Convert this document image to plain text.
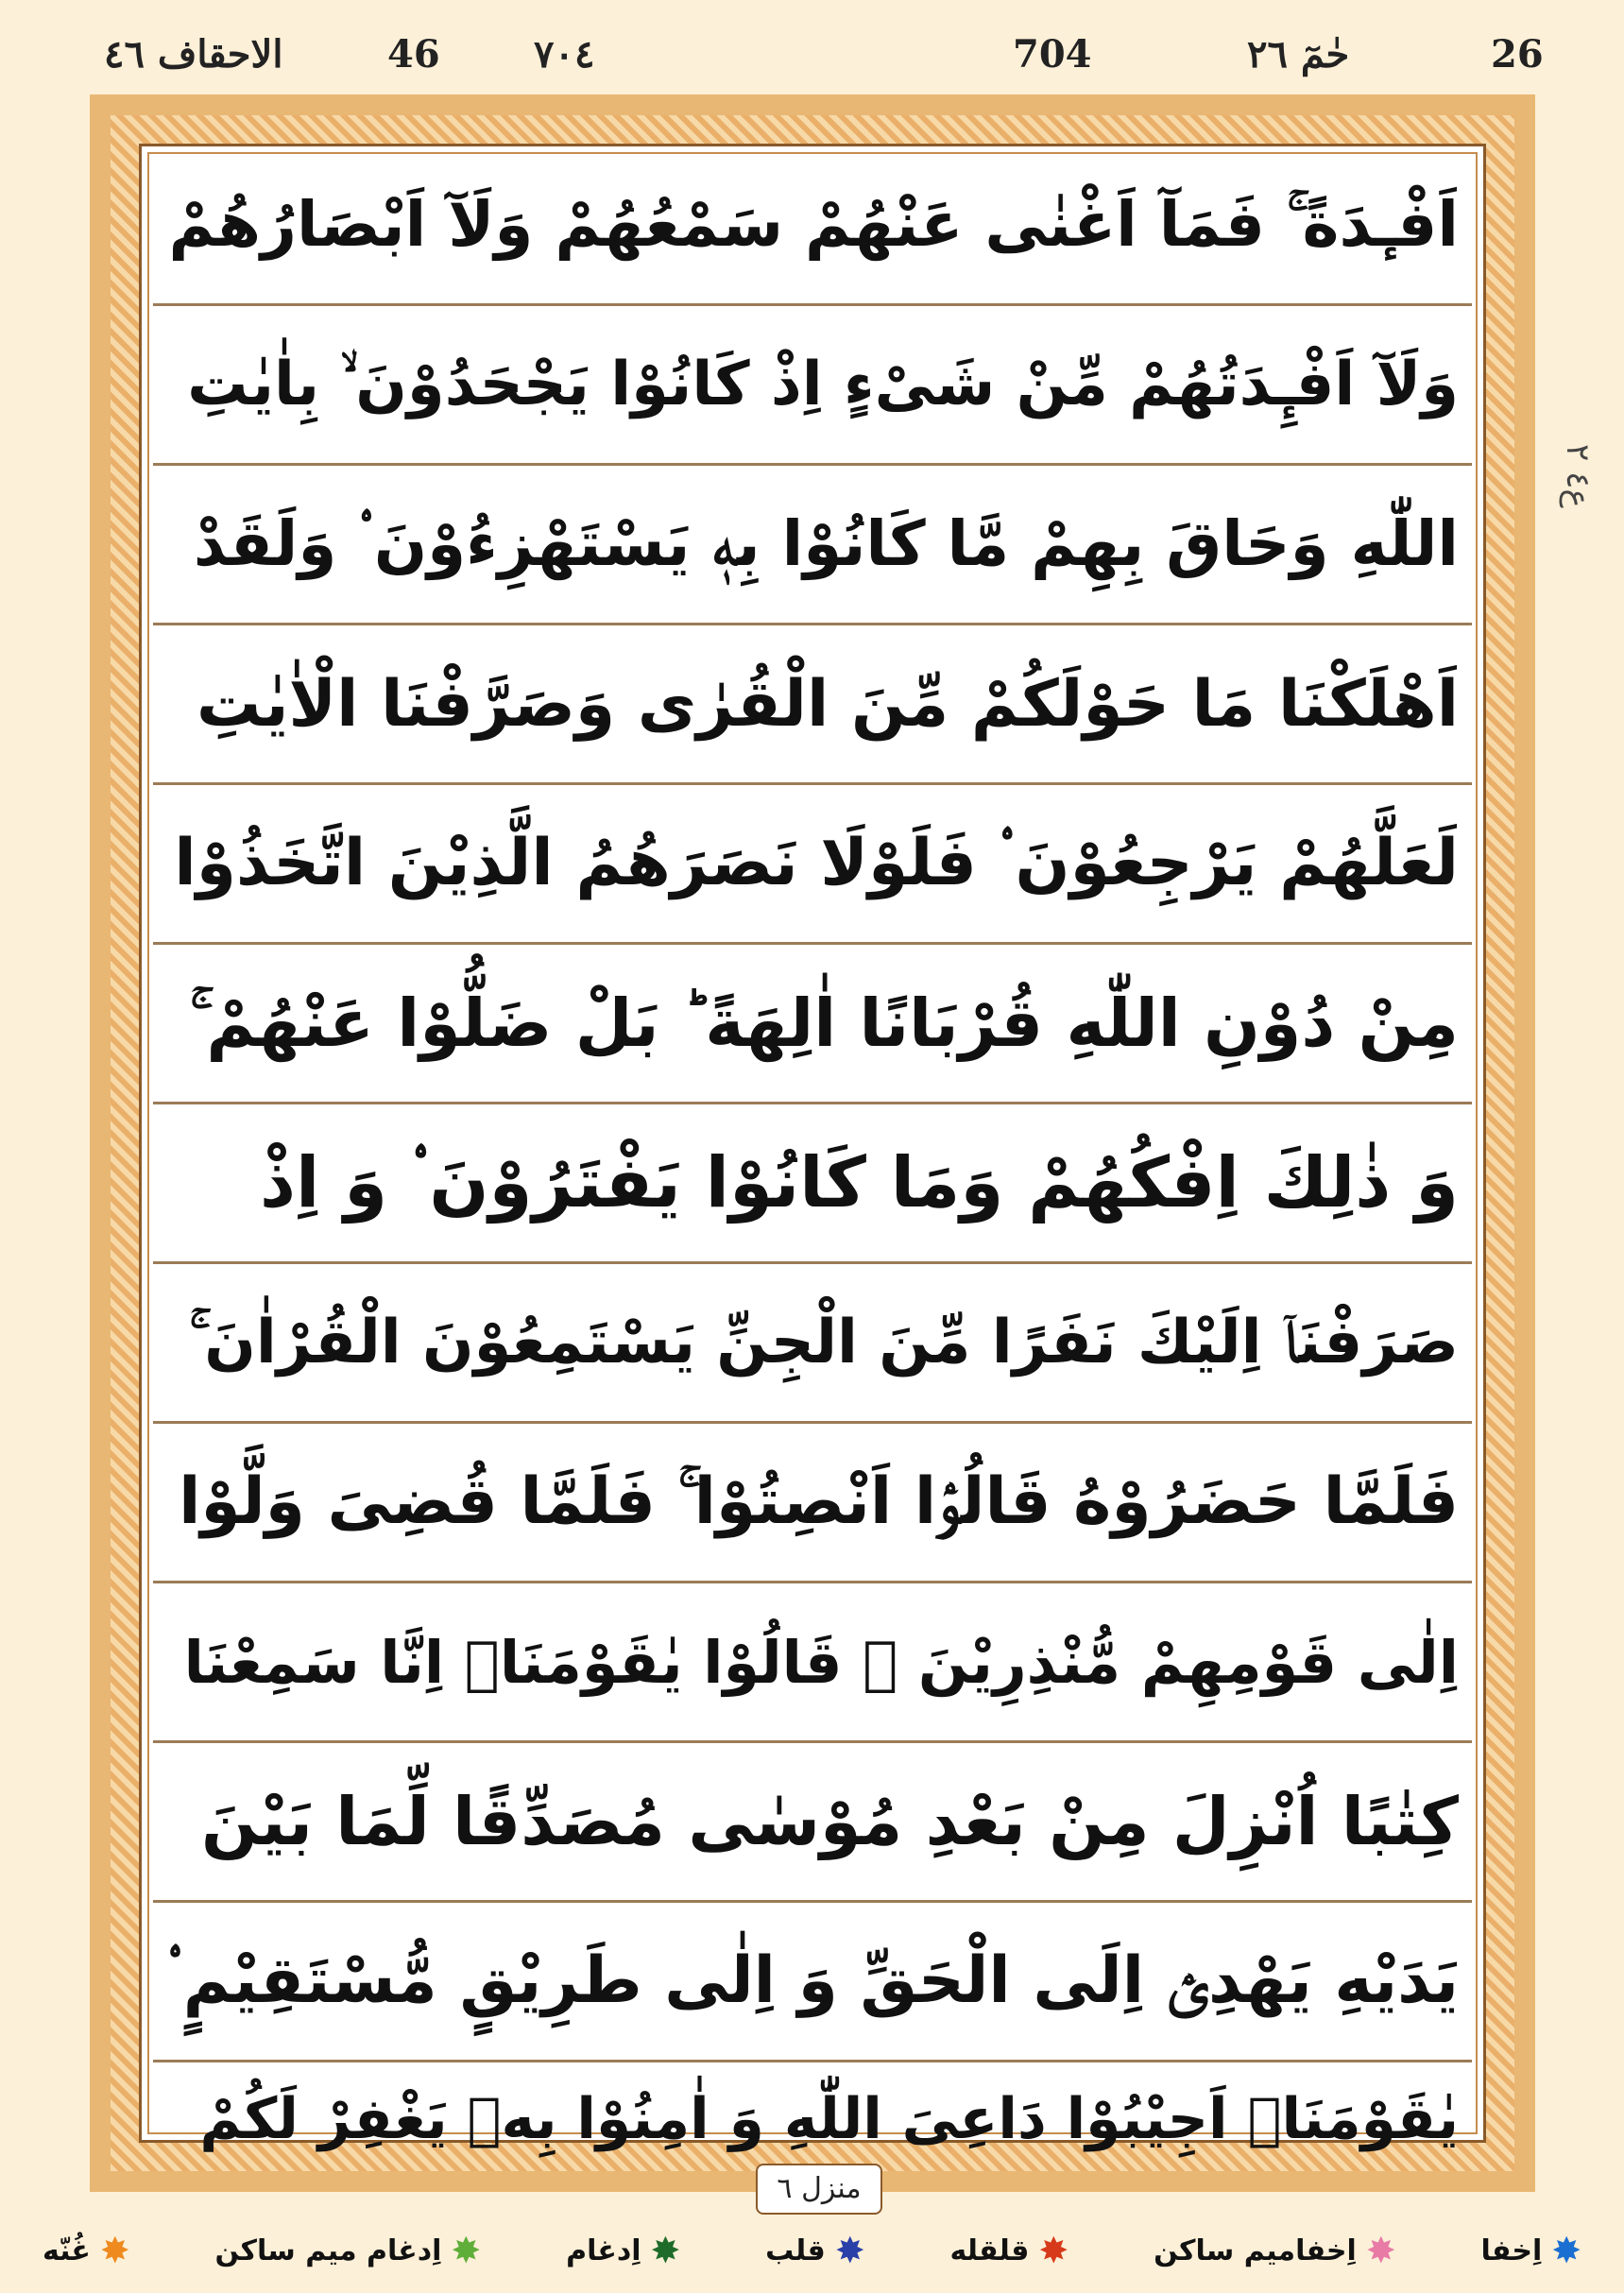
26
حٰمٓ ٢٦
704
٧٠٤
46
الاحقاف ٤٦
اَفْـٕدَةً ۚ فَمَآ اَغْنٰى عَنْهُمْ سَمْعُهُمْ وَلَآ اَبْصَارُهُمْ
وَلَآ اَفْـِٕدَتُهُمْ مِّنْ شَیْءٍ اِذْ كَانُوْا یَجْحَدُوْنَ ۙ بِاٰیٰتِ
اللّٰهِ وَحَاقَ بِهِمْ مَّا كَانُوْا بِهٖ یَسْتَهْزِءُوْنَ ۟ وَلَقَدْ
اَهْلَكْنَا مَا حَوْلَكُمْ مِّنَ الْقُرٰى وَصَرَّفْنَا الْاٰیٰتِ
لَعَلَّهُمْ یَرْجِعُوْنَ ۟ فَلَوْلَا نَصَرَهُمُ الَّذِیْنَ اتَّخَذُوْا
مِنْ دُوْنِ اللّٰهِ قُرْبَانًا اٰلِهَةً ؕ بَلْ ضَلُّوْا عَنْهُمْ ۚ
وَ ذٰلِكَ اِفْكُهُمْ وَمَا كَانُوْا یَفْتَرُوْنَ ۟ وَ اِذْ
صَرَفْنَاۤ اِلَیْكَ نَفَرًا مِّنَ الْجِنِّ یَسْتَمِعُوْنَ الْقُرْاٰنَ ۚ
فَلَمَّا حَضَرُوْهُ قَالُوْۤا اَنْصِتُوْا ۚ فَلَمَّا قُضِیَ وَلَّوْا
اِلٰى قَوْمِهِمْ مُّنْذِرِیْنَ ۟ قَالُوْا یٰقَوْمَنَاۤ اِنَّا سَمِعْنَا
كِتٰبًا اُنْزِلَ مِنْ بَعْدِ مُوْسٰى مُصَدِّقًا لِّمَا بَیْنَ
یَدَیْهِ یَهْدِیْۤ اِلَى الْحَقِّ وَ اِلٰى طَرِیْقٍ مُّسْتَقِیْمٍ ۟
یٰقَوْمَنَاۤ اَجِیْبُوْا دَاعِیَ اللّٰهِ وَ اٰمِنُوْا بِهٖ یَغْفِرْ لَكُمْ
ع٤ ٢
منزل ٦
✸
اِخفا
✸
اِخفامیم ساکن
✸
قلقله
✸
قلب
✸
اِدغام
✸
اِدغام میم ساکن
✸
غُنّه
